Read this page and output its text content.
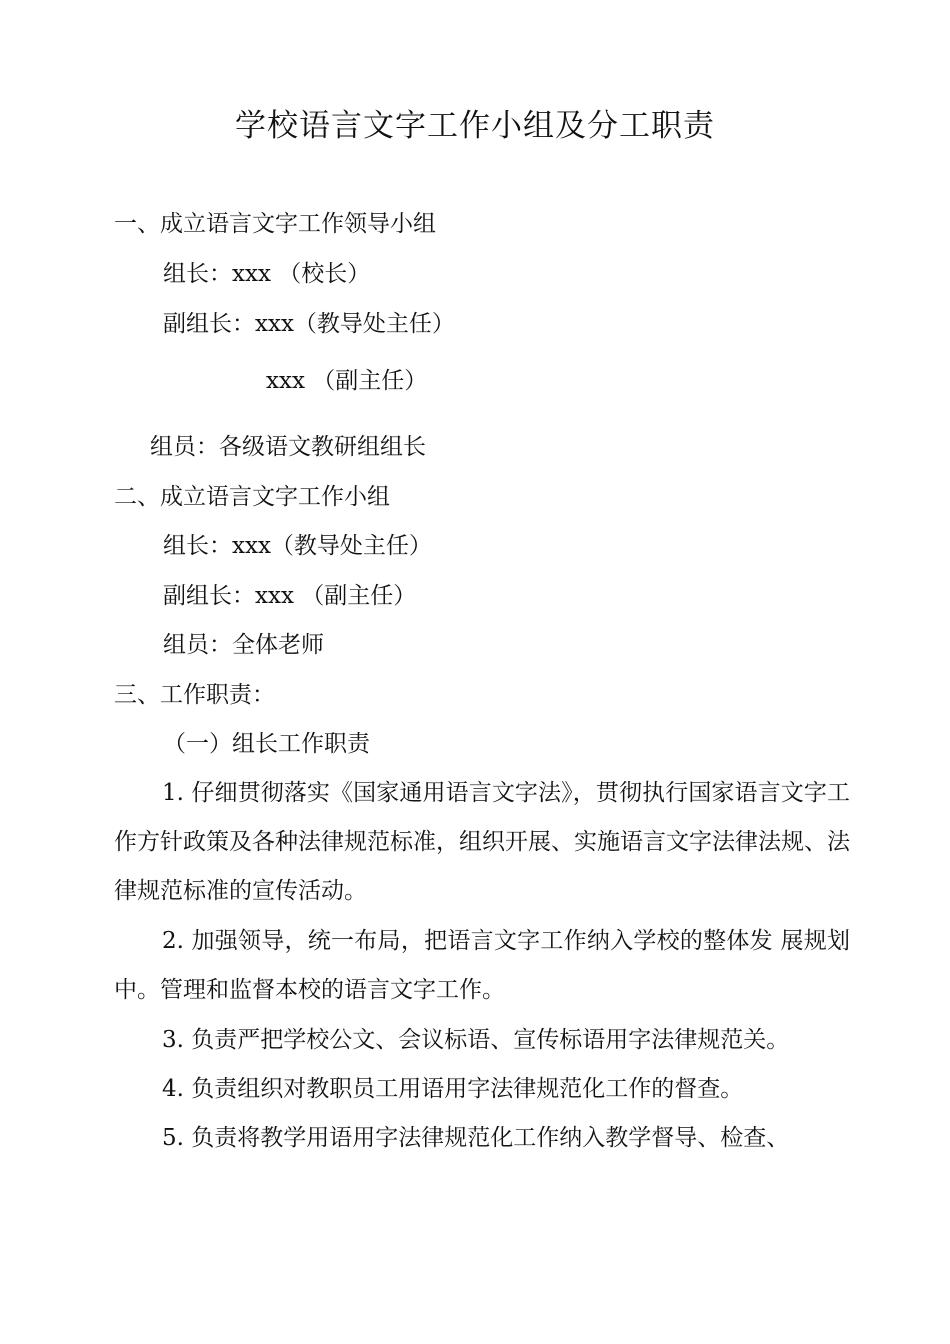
学校语言文字工作小组及分工职责

一、成立语言文字工作领导小组

组长：xxx （校长）

副组长：xxx（教导处主任）

xxx （副主任）

组员：各级语文教研组组长

二、成立语言文字工作小组

组长：xxx（教导处主任）

副组长：xxx （副主任）

组员：全体老师

三、工作职责：

（一）组长工作职责

1. 仔细贯彻落实《国家通用语言文字法》，贯彻执行国家语言文字工作方针政策及各种法律规范标准，组织开展、实施语言文字法律法规、法律规范标准的宣传活动。

2. 加强领导，统一布局，把语言文字工作纳入学校的整体发 展规划中。管理和监督本校的语言文字工作。

3. 负责严把学校公文、会议标语、宣传标语用字法律规范关。

4. 负责组织对教职员工用语用字法律规范化工作的督查。

5. 负责将教学用语用字法律规范化工作纳入教学督导、检查、
